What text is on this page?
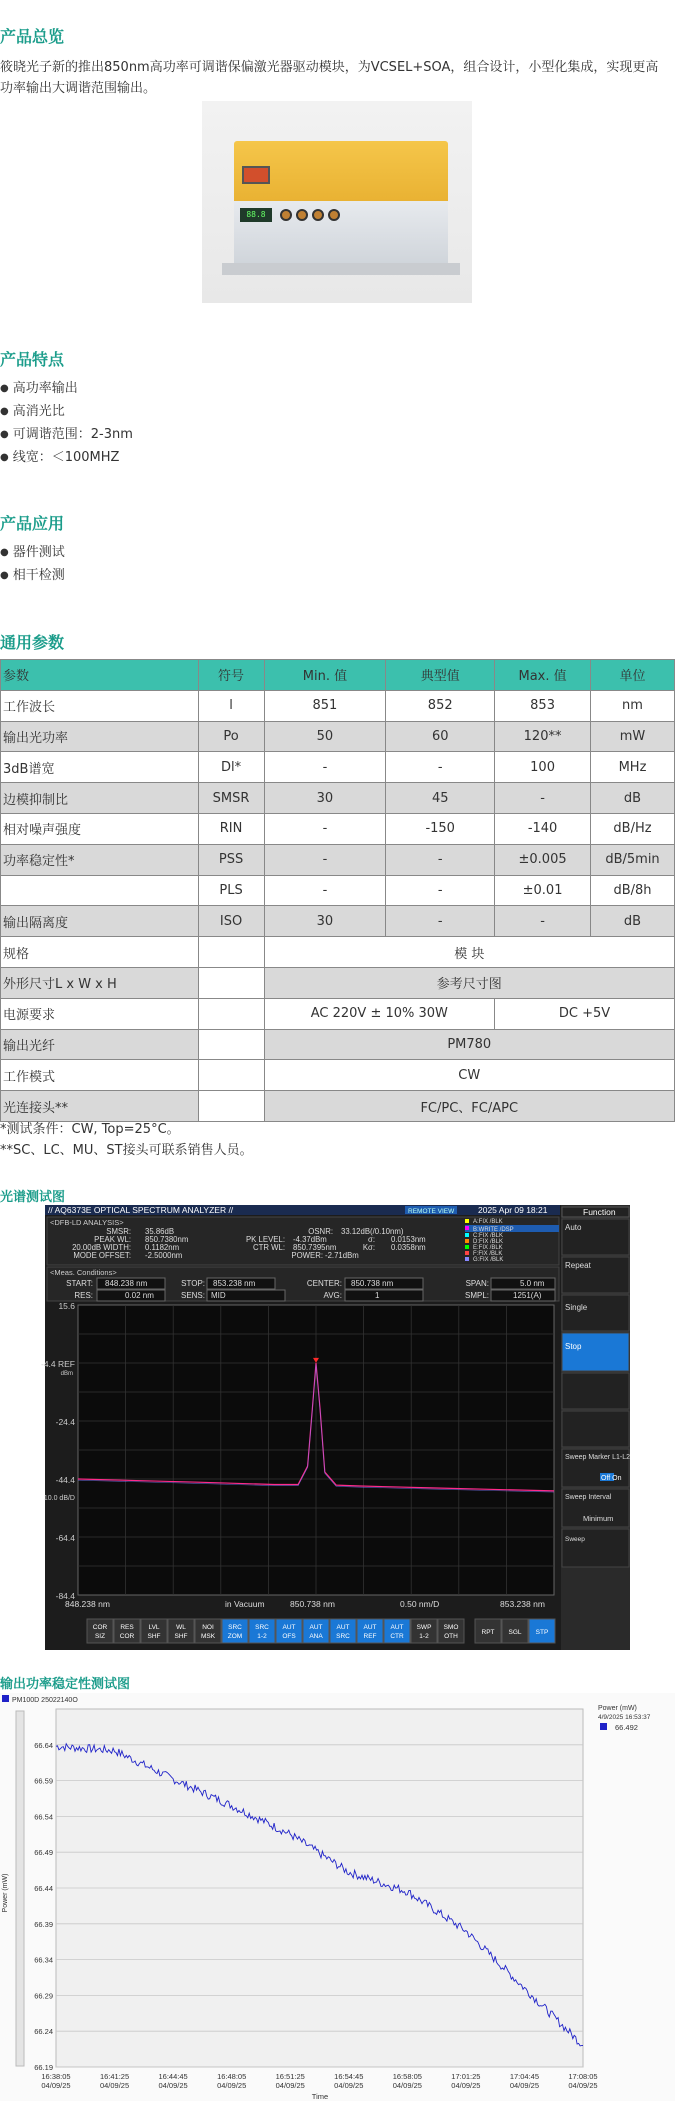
产品总览
筱晓光子新的推出850nm高功率可调谐保偏激光器驱动模块，为VCSEL+SOA，组合设计，小型化集成，实现更高功率输出大调谐范围输出。
88.8
产品特点
● 高功率输出
● 高消光比
● 可调谐范围：2-3nm
● 线宽：＜100MHZ
产品应用
● 器件测试
● 相干检测
通用参数
参数	符号	Min. 值	典型值	Max. 值	单位
工作波长	l	851	852	853	nm
输出光功率	Po	50	60	120**	mW
3dB谱宽	Dl*	-	-	100	MHz
边模抑制比	SMSR	30	45	-	dB
相对噪声强度	RIN	-	-150	-140	dB/Hz
功率稳定性*	PSS	-	-	±0.005	dB/5min
	PLS	-	-	±0.01	dB/8h
输出隔离度	ISO	30	-	-	dB
规格		模 块			
外形尺寸L x W x H		参考尺寸图			
电源要求		AC 220V ± 10% 30W		DC +5V	
输出光纤		PM780			
工作模式		CW			
光连接头**		FC/PC、FC/APC			
*测试条件：CW, Top=25°C。
**SC、LC、MU、ST接头可联系销售人员。
光谱测试图
// AQ6373E OPTICAL SPECTRUM ANALYZER //	REMOTE VIEW	2025 Apr 09 18:21
<DFB-LD ANALYSIS>
SMSR: 35.86dB	OSNR: 33.12dB(/0.10nm)
PEAK WL: 850.7380nm	PK LEVEL: -4.37dBm	σ: 0.0153nm
20.00dB WIDTH: 0.1182nm	CTR WL: 850.7395nm	Kσ: 0.0358nm
MODE OFFSET: -2.5000nm	POWER: -2.71dBm
A:FIX /BLK
B:WRITE /DSP
C:FIX /BLK
D:FIX /BLK
E:FIX /BLK
F:FIX /BLK
G:FIX /BLK
<Meas. Conditions>
START: 848.238 nm	STOP: 853.238 nm	CENTER: 850.738 nm	SPAN:	5.0 nm
RES:	0.02 nm	SENS: MID	AVG:	1	SMPL:	1251(A)
15.6
-4.4 REF
dBm
-24.4
-44.4
10.0 dB/D
-64.4
-84.4
848.238 nm	in Vacuum	850.738 nm	0.50 nm/D	853.238 nm
Function
Auto
Repeat
Single
Stop
Sweep Marker L1-L2
Off On
Sweep Interval
Minimum
Sweep
COR
SIZ
RES
COR
LVL
SHF
WL
SHF
NOI
MSK
SRC
ZOM
SRC
1-2
AUT
OFS
AUT
ANA
AUT
SRC
AUT
REF
AUT
CTR
SWP
1-2
SMO
OTH
RPT SGL STP
输出功率稳定性测试图
PM100D 25022140O
66.64
66.59
66.54
66.49
66.44
66.39
66.34
66.29
66.24
66.19
16:38:05
04/09/25
16:41:25
04/09/25
16:44:45
04/09/25
16:48:05
04/09/25
16:51:25
04/09/25
16:54:45
04/09/25
16:58:05
04/09/25
17:01:25
04/09/25
17:04:45
04/09/25
17:08:05
04/09/25
Power (mW)
Time
Power (mW)
4/9/2025 16:53:37
66.492
